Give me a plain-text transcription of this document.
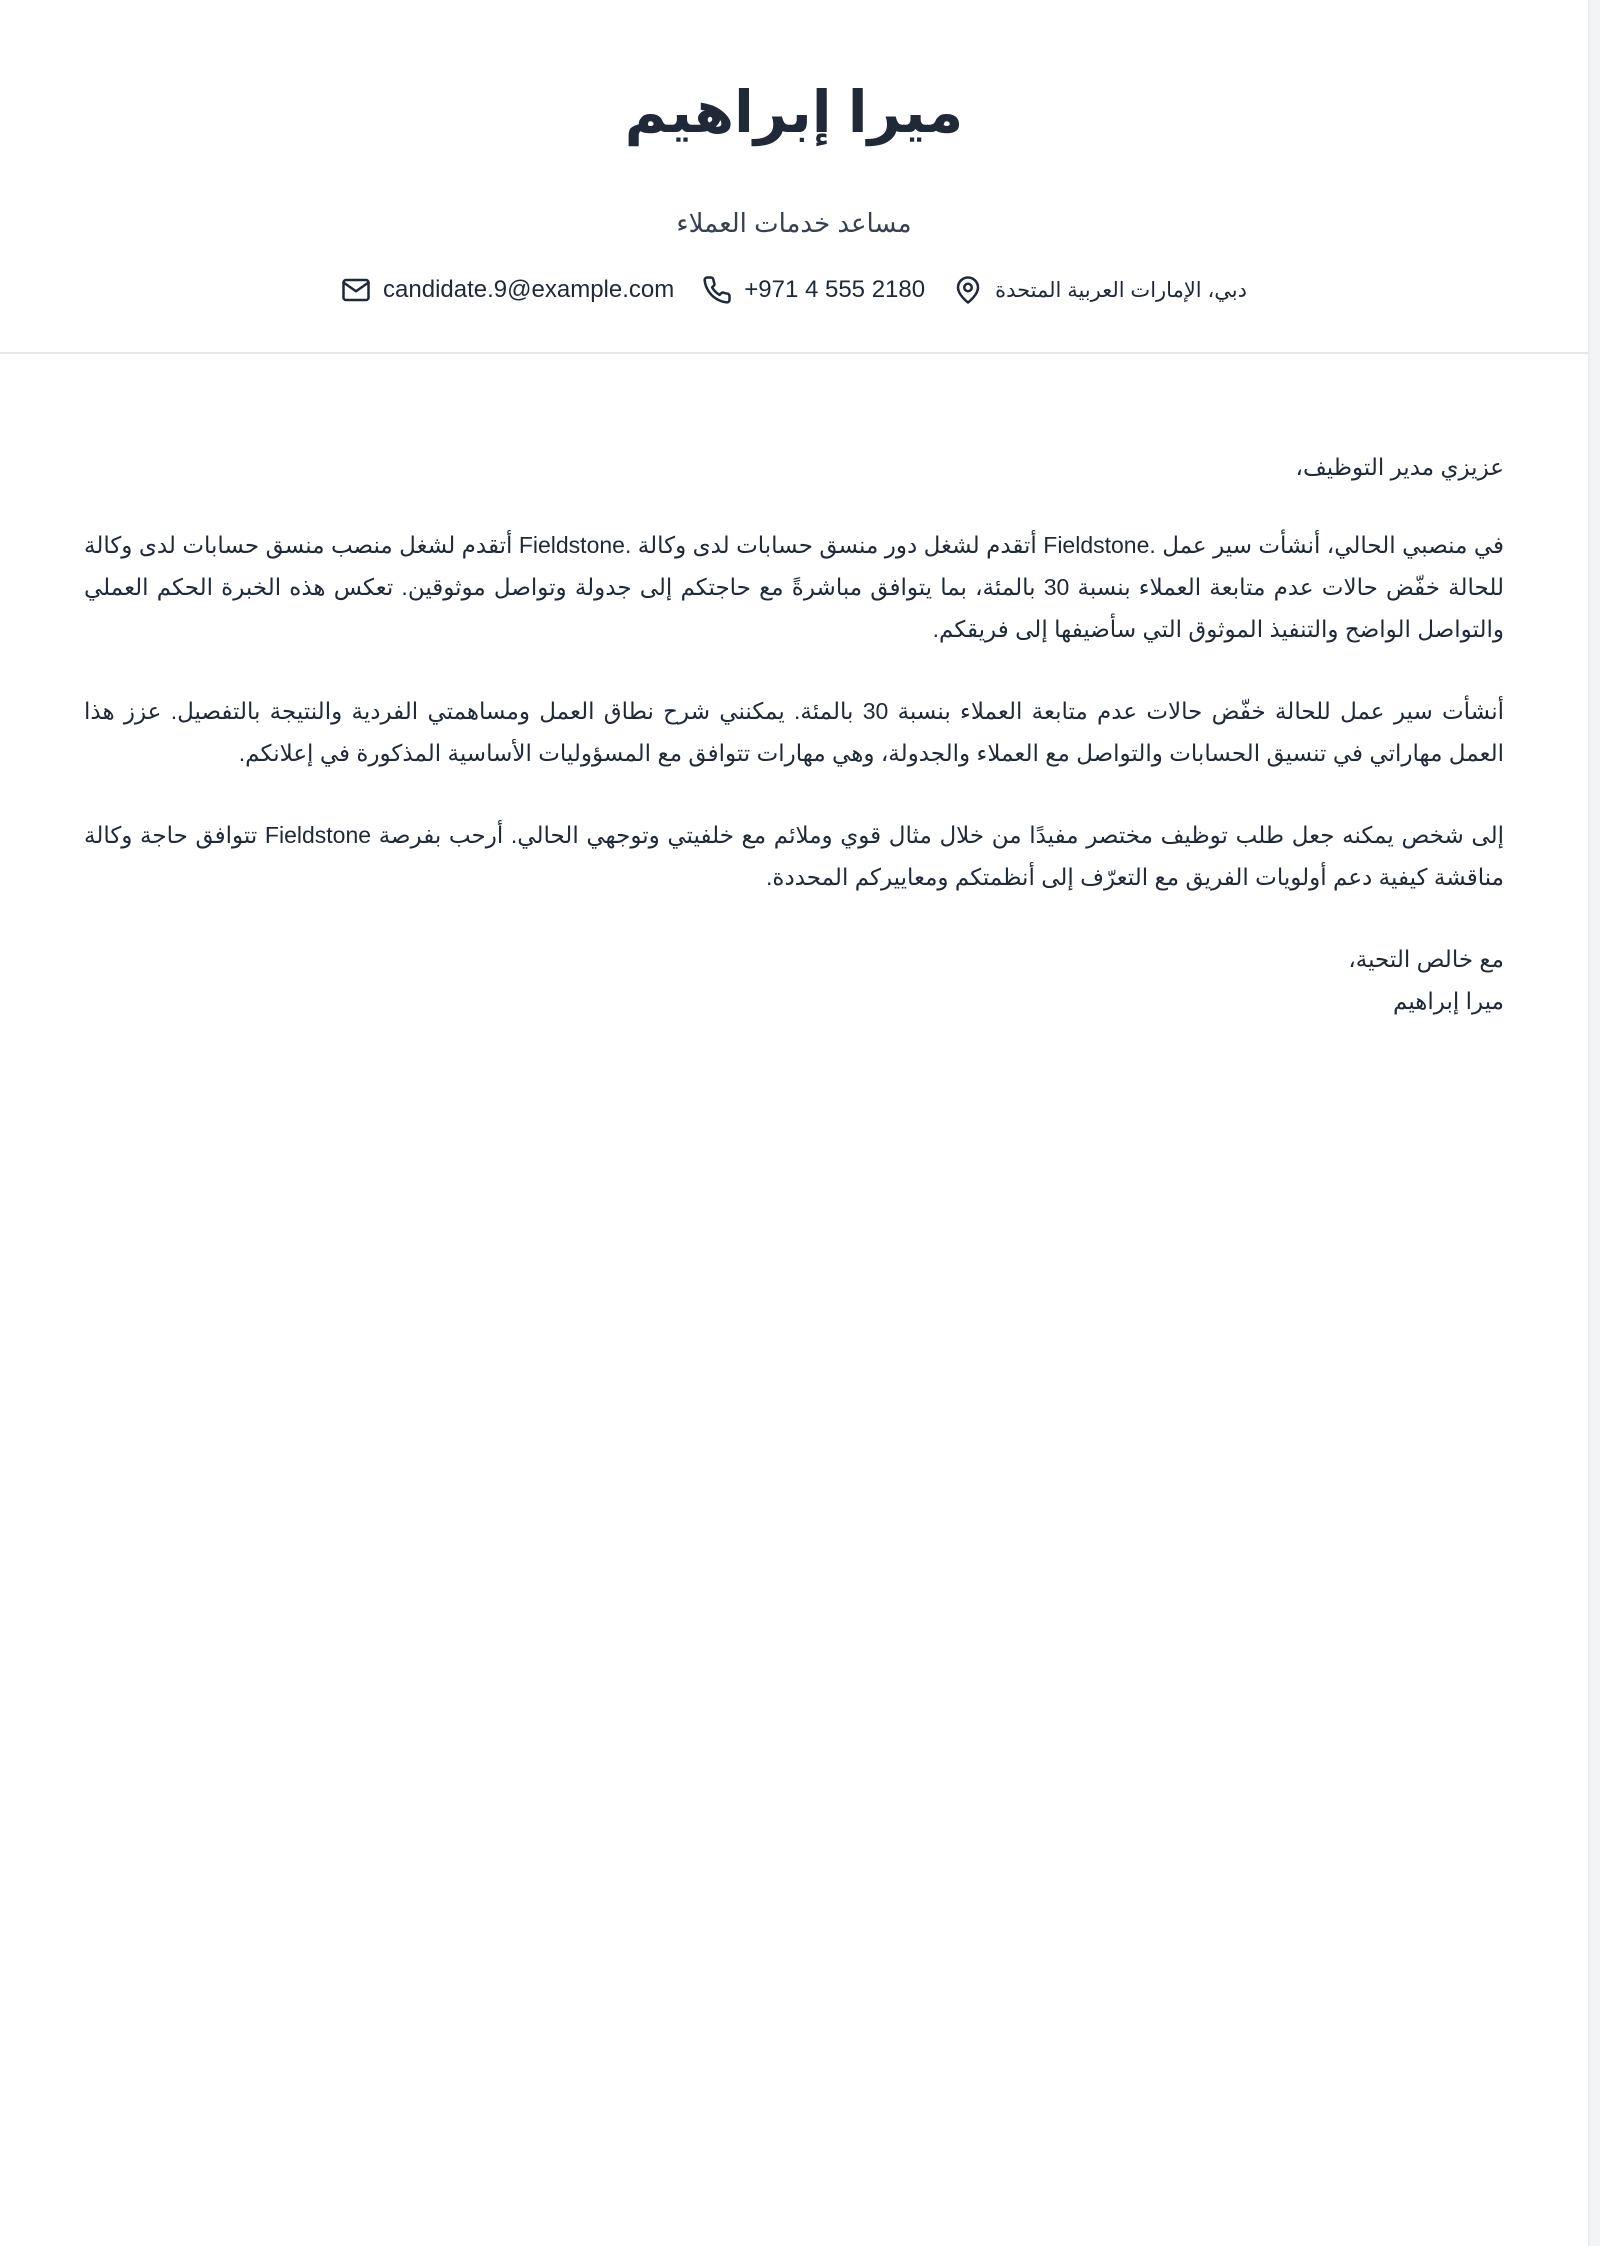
ميرا إبراهيم
مساعد خدمات العملاء
candidate.9@example.com	+971 4 555 2180	دبي، الإمارات العربية المتحدة

عزيزي مدير التوظيف،

في منصبي الحالي، أنشأت سير عمل .Fieldstone أتقدم لشغل دور منسق حسابات لدى وكالة .Fieldstone أتقدم لشغل منصب منسق حسابات لدى وكالة للحالة خفّض حالات عدم متابعة العملاء بنسبة 30 بالمئة، بما يتوافق مباشرةً مع حاجتكم إلى جدولة وتواصل موثوقين. تعكس هذه الخبرة الحكم العملي والتواصل الواضح والتنفيذ الموثوق التي سأضيفها إلى فريقكم.

أنشأت سير عمل للحالة خفّض حالات عدم متابعة العملاء بنسبة 30 بالمئة. يمكنني شرح نطاق العمل ومساهمتي الفردية والنتيجة بالتفصيل. عزز هذا العمل مهاراتي في تنسيق الحسابات والتواصل مع العملاء والجدولة، وهي مهارات تتوافق مع المسؤوليات الأساسية المذكورة في إعلانكم.

إلى شخص يمكنه جعل طلب توظيف مختصر مفيدًا من خلال مثال قوي وملائم مع خلفيتي وتوجهي الحالي. أرحب بفرصة Fieldstone تتوافق حاجة وكالة مناقشة كيفية دعم أولويات الفريق مع التعرّف إلى أنظمتكم ومعاييركم المحددة.

مع خالص التحية،

ميرا إبراهيم
